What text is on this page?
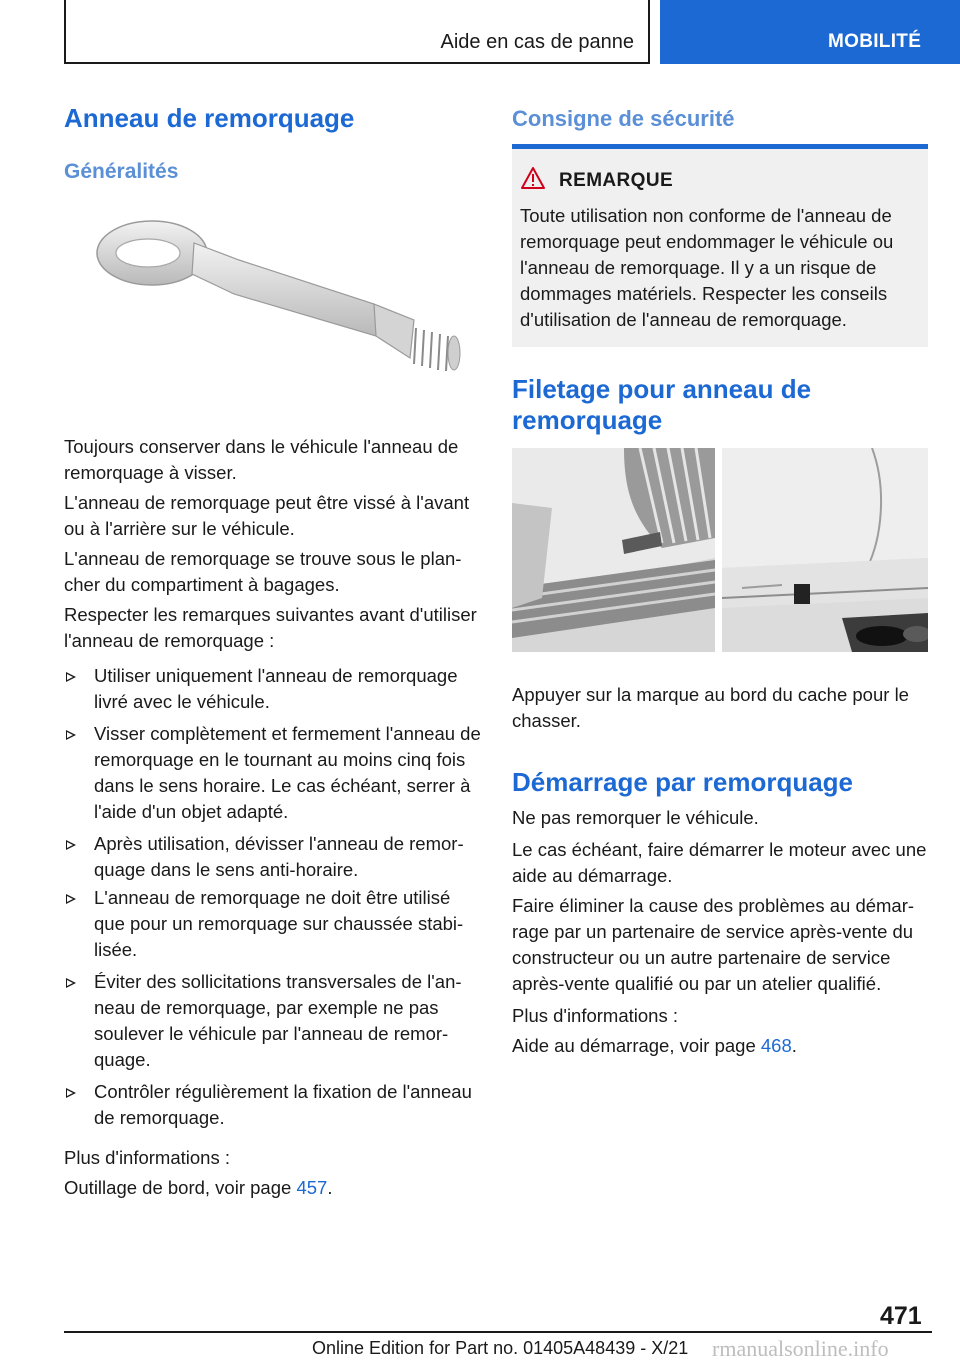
Aide en cas de panne	MOBILITÉ
Anneau de remorquage
Généralités

Toujours conserver dans le véhicule l'anneau de remorquage à visser.

L'anneau de remorquage peut être vissé à l'avant ou à l'arrière sur le véhicule.

L'anneau de remorquage se trouve sous le plancher du compartiment à bagages.

Respecter les remarques suivantes avant d'utiliser l'anneau de remorquage :

Utiliser uniquement l'anneau de remorquage livré avec le véhicule.

Visser complètement et fermement l'anneau de remorquage en le tournant au moins cinq fois dans le sens horaire. Le cas échéant, serrer à l'aide d'un objet adapté.

Après utilisation, dévisser l'anneau de remorquage dans le sens anti-horaire.

L'anneau de remorquage ne doit être utilisé que pour un remorquage sur chaussée stabilisée.

Éviter des sollicitations transversales de l'anneau de remorquage, par exemple ne pas soulever le véhicule par l'anneau de remorquage.

Contrôler régulièrement la fixation de l'anneau de remorquage.

Plus d'informations :

Outillage de bord, voir page 457.

Consigne de sécurité
REMARQUE

Toute utilisation non conforme de l'anneau de remorquage peut endommager le véhicule ou l'anneau de remorquage. Il y a un risque de dommages matériels. Respecter les conseils d'utilisation de l'anneau de remorquage.

Filetage pour anneau de remorquage

Appuyer sur la marque au bord du cache pour le chasser.

Démarrage par remorquage

Ne pas remorquer le véhicule.

Le cas échéant, faire démarrer le moteur avec une aide au démarrage.

Faire éliminer la cause des problèmes au démarrage par un partenaire de service après-vente du constructeur ou un autre partenaire de service après-vente qualifié ou par un atelier qualifié.

Plus d'informations :

Aide au démarrage, voir page 468.

471
Online Edition for Part no. 01405A48439 - X/21 rmanualsonline.info
